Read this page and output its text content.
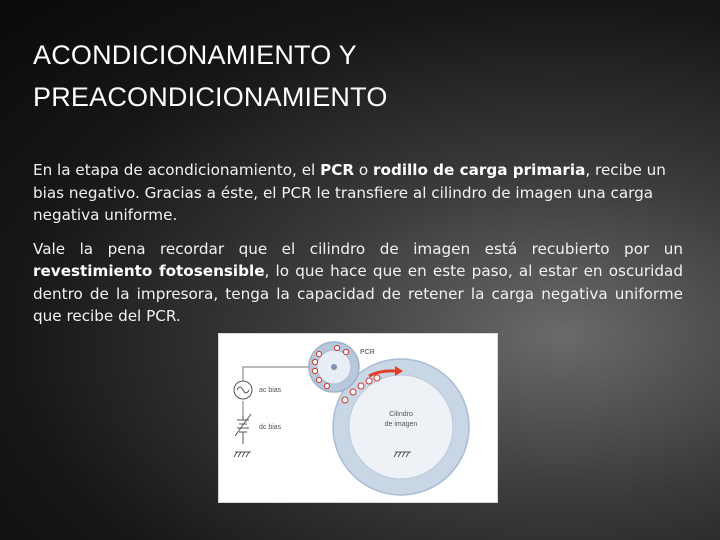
ACONDICIONAMIENTO Y PREACONDICIONAMIENTO

En la etapa de acondicionamiento, el PCR o rodillo de carga primaria, recibe un bias negativo. Gracias a éste, el PCR le transfiere al cilindro de imagen una carga negativa uniforme.

Vale la pena recordar que el cilindro de imagen está recubierto por un revestimiento fotosensible, lo que hace que en este paso, al estar en oscuridad dentro de la impresora, tenga la capacidad de retener la carga negativa uniforme que recibe del PCR.

Cilindro
de imagen
PCR
ac bias
dc bias
